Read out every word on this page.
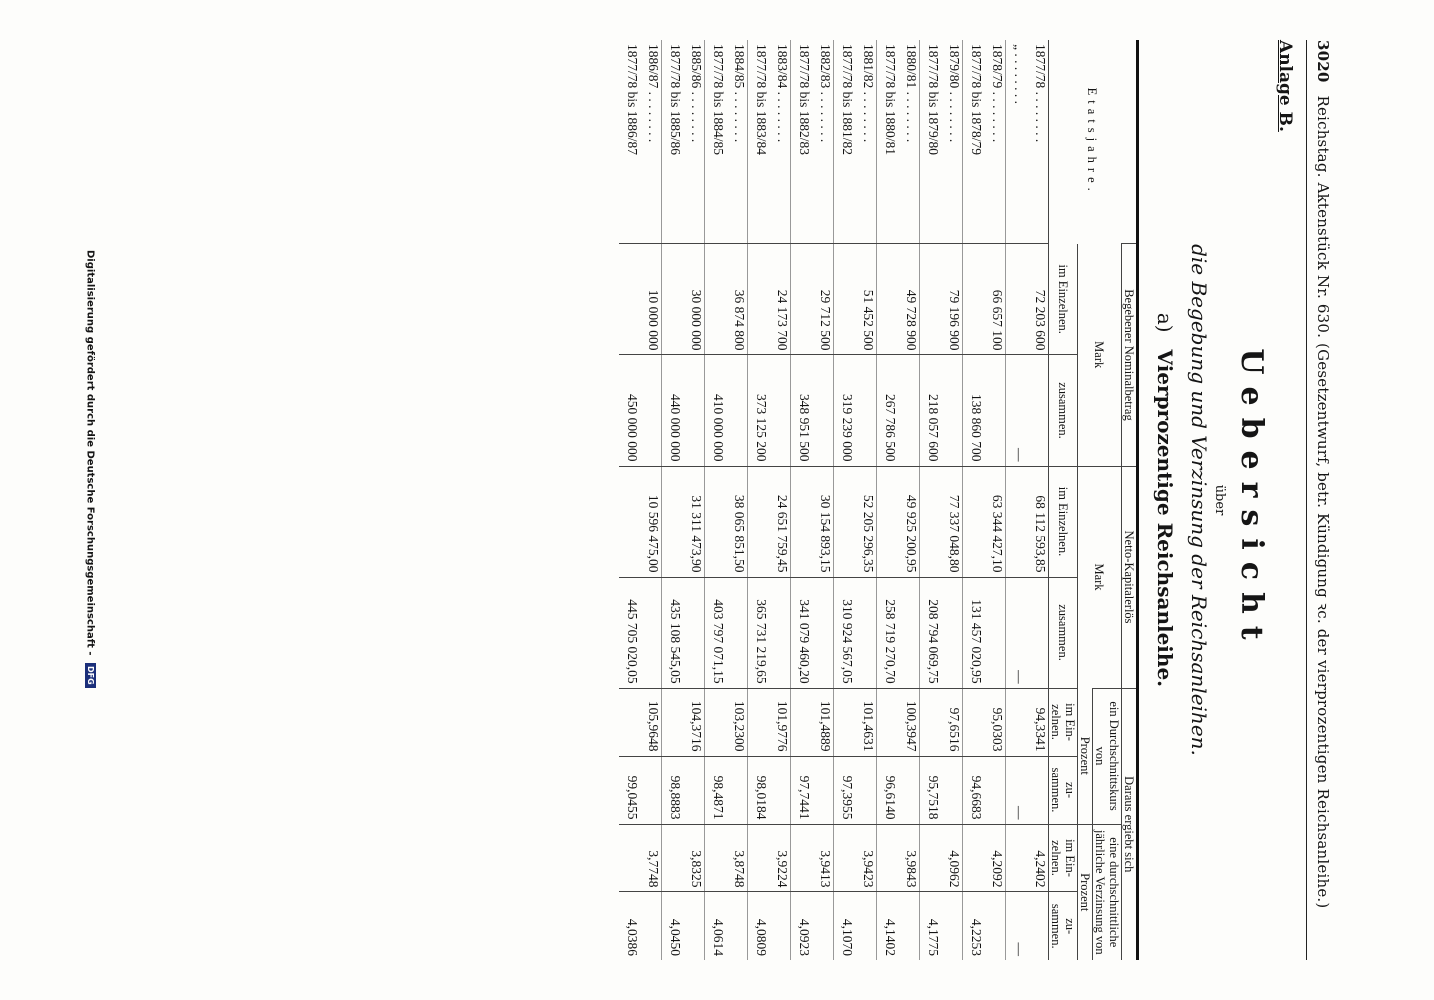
3020 Reichstag. Aktenstück Nr. 630. (Gesetzentwurf, betr. Kündigung ꝛc. der vierprozentigen Reichsanleihe.)
Anlage B.
Uebersicht
über
die Begebung und Verzinsung der Reichsanleihen.
a) Vierprozentige Reichsanleihe.
Etatsjahre.	Begebener Nominalbetrag		Netto-Kapitalerlös		Daraus ergiebt sich			
	Mark		Mark		ein Durchschnittskurs von		eine durchschnittliche jährliche Verzinsung von	
					Prozent		Prozent	
	im Einzelnen.	zusammen.	im Einzelnen.	zusammen.	im Ein-zelnen.	zu-sammen.	im Ein-zelnen.	zu-sammen.
1877/78 . . . . . . . .	72 203 600		68 112 593,85		94,3341		4,2402	
„ . . . . . . . .		—		—		—		—
1878/79 . . . . . . . .	66 657 100		63 344 427,10		95,0303		4,2092	
1877/78 bis 1878/79		138 860 700		131 457 020,95		94,6683		4,2253
1879/80 . . . . . . . .	79 196 900		77 337 048,80		97,6516		4,0962	
1877/78 bis 1879/80		218 057 600		208 794 069,75		95,7518		4,1775
1880/81 . . . . . . . .	49 728 900		49 925 200,95		100,3947		3,9843	
1877/78 bis 1880/81		267 786 500		258 719 270,70		96,6140		4,1402
1881/82 . . . . . . . .	51 452 500		52 205 296,35		101,4631		3,9423	
1877/78 bis 1881/82		319 239 000		310 924 567,05		97,3955		4,1070
1882/83 . . . . . . . .	29 712 500		30 154 893,15		101,4889		3,9413	
1877/78 bis 1882/83		348 951 500		341 079 460,20		97,7441		4,0923
1883/84 . . . . . . . .	24 173 700		24 651 759,45		101,9776		3,9224	
1877/78 bis 1883/84		373 125 200		365 731 219,65		98,0184		4,0809
1884/85 . . . . . . . .	36 874 800		38 065 851,50		103,2300		3,8748	
1877/78 bis 1884/85		410 000 000		403 797 071,15		98,4871		4,0614
1885/86 . . . . . . . .	30 000 000		31 311 473,90		104,3716		3,8325	
1877/78 bis 1885/86		440 000 000		435 108 545,05		98,8883		4,0450
1886/87 . . . . . . . .	10 000 000		10 596 475,00		105,9648		3,7748	
1877/78 bis 1886/87		450 000 000		445 705 020,05		99,0455		4,0386
Digitalisierung gefördert durch die Deutsche Forschungsgemeinschaft - DFG
